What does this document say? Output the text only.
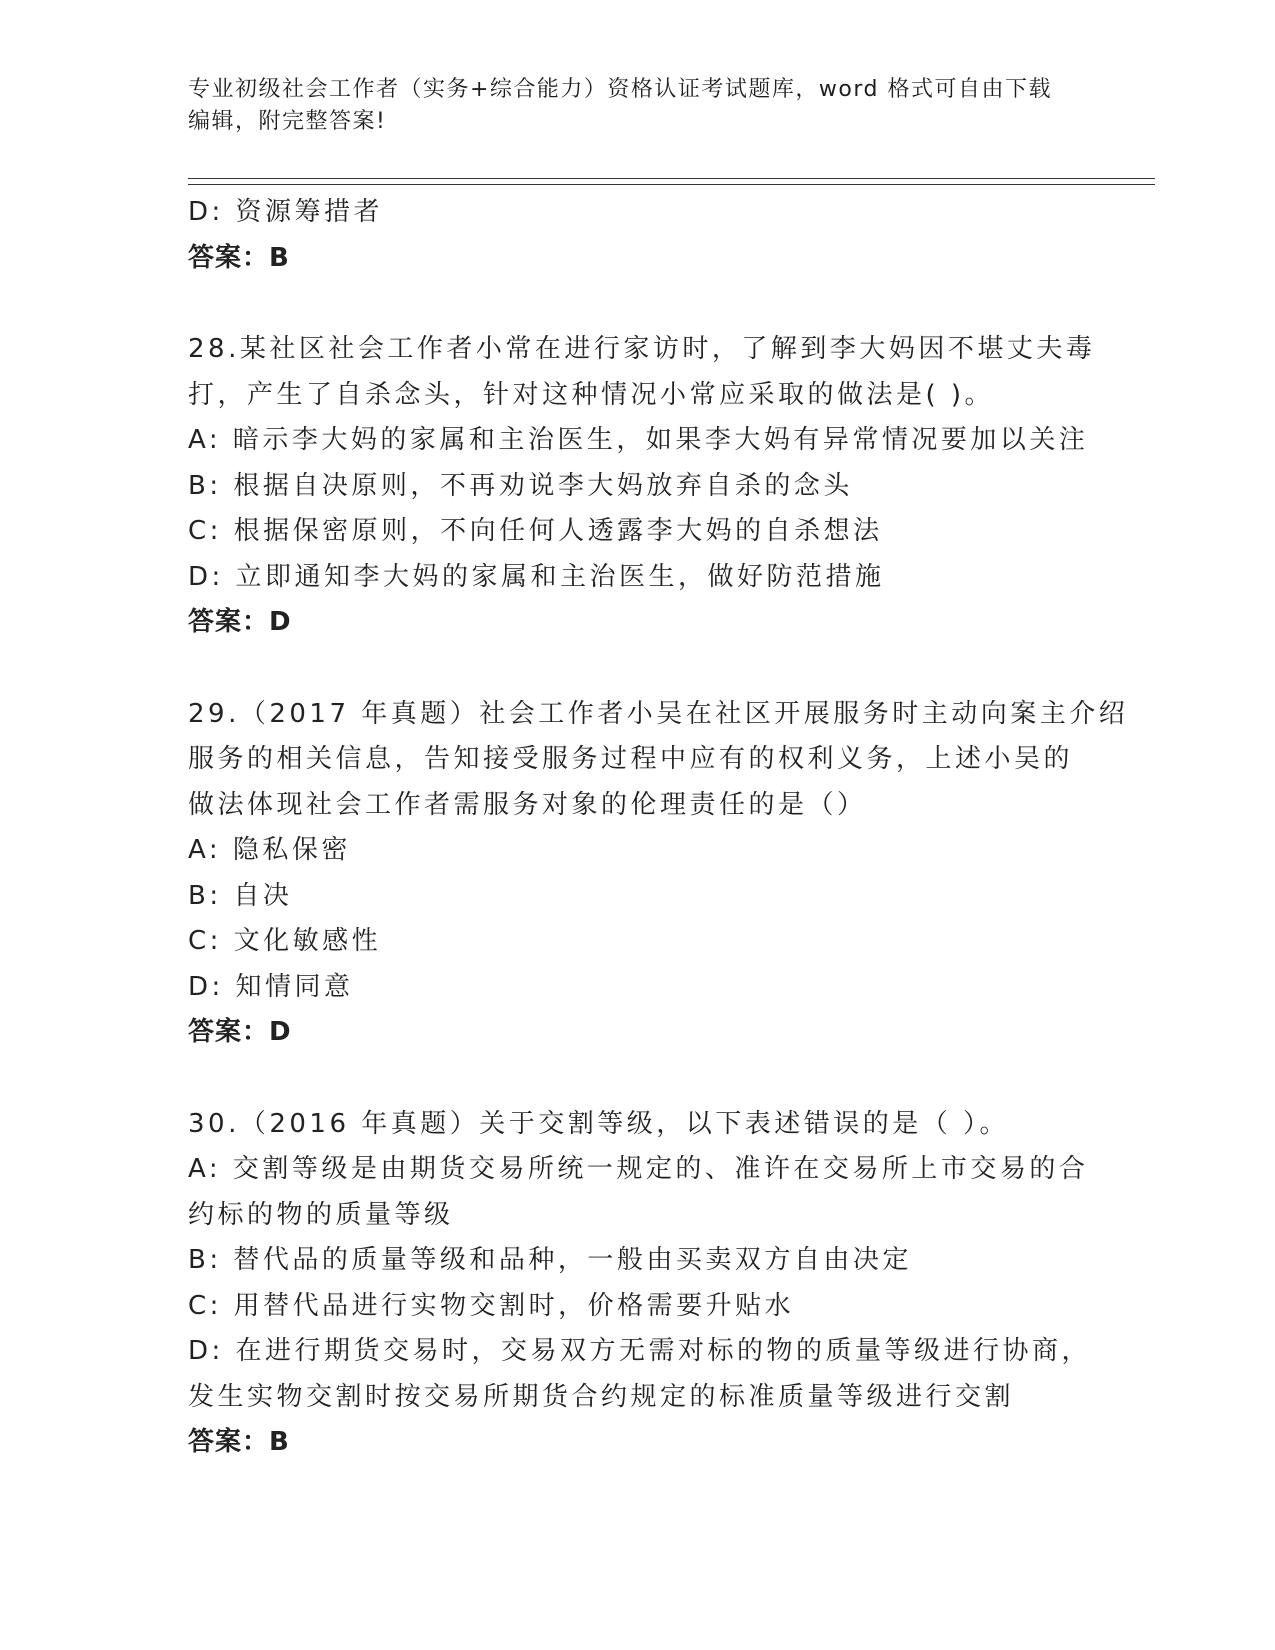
专业初级社会工作者（实务+综合能力）资格认证考试题库，word 格式可自由下载
编辑，附完整答案!
D: 资源筹措者
答案：B
28.某社区社会工作者小常在进行家访时，了解到李大妈因不堪丈夫毒
打，产生了自杀念头，针对这种情况小常应采取的做法是( )。
A: 暗示李大妈的家属和主治医生，如果李大妈有异常情况要加以关注
B: 根据自决原则，不再劝说李大妈放弃自杀的念头
C: 根据保密原则，不向任何人透露李大妈的自杀想法
D: 立即通知李大妈的家属和主治医生，做好防范措施
答案：D
29.（2017 年真题）社会工作者小吴在社区开展服务时主动向案主介绍
服务的相关信息，告知接受服务过程中应有的权利义务，上述小吴的
做法体现社会工作者需服务对象的伦理责任的是（）
A: 隐私保密
B: 自决
C: 文化敏感性
D: 知情同意
答案：D
30.（2016 年真题）关于交割等级，以下表述错误的是（ ）。
A: 交割等级是由期货交易所统一规定的、准许在交易所上市交易的合
约标的物的质量等级
B: 替代品的质量等级和品种，一般由买卖双方自由决定
C: 用替代品进行实物交割时，价格需要升贴水
D: 在进行期货交易时，交易双方无需对标的物的质量等级进行协商，
发生实物交割时按交易所期货合约规定的标准质量等级进行交割
答案：B
